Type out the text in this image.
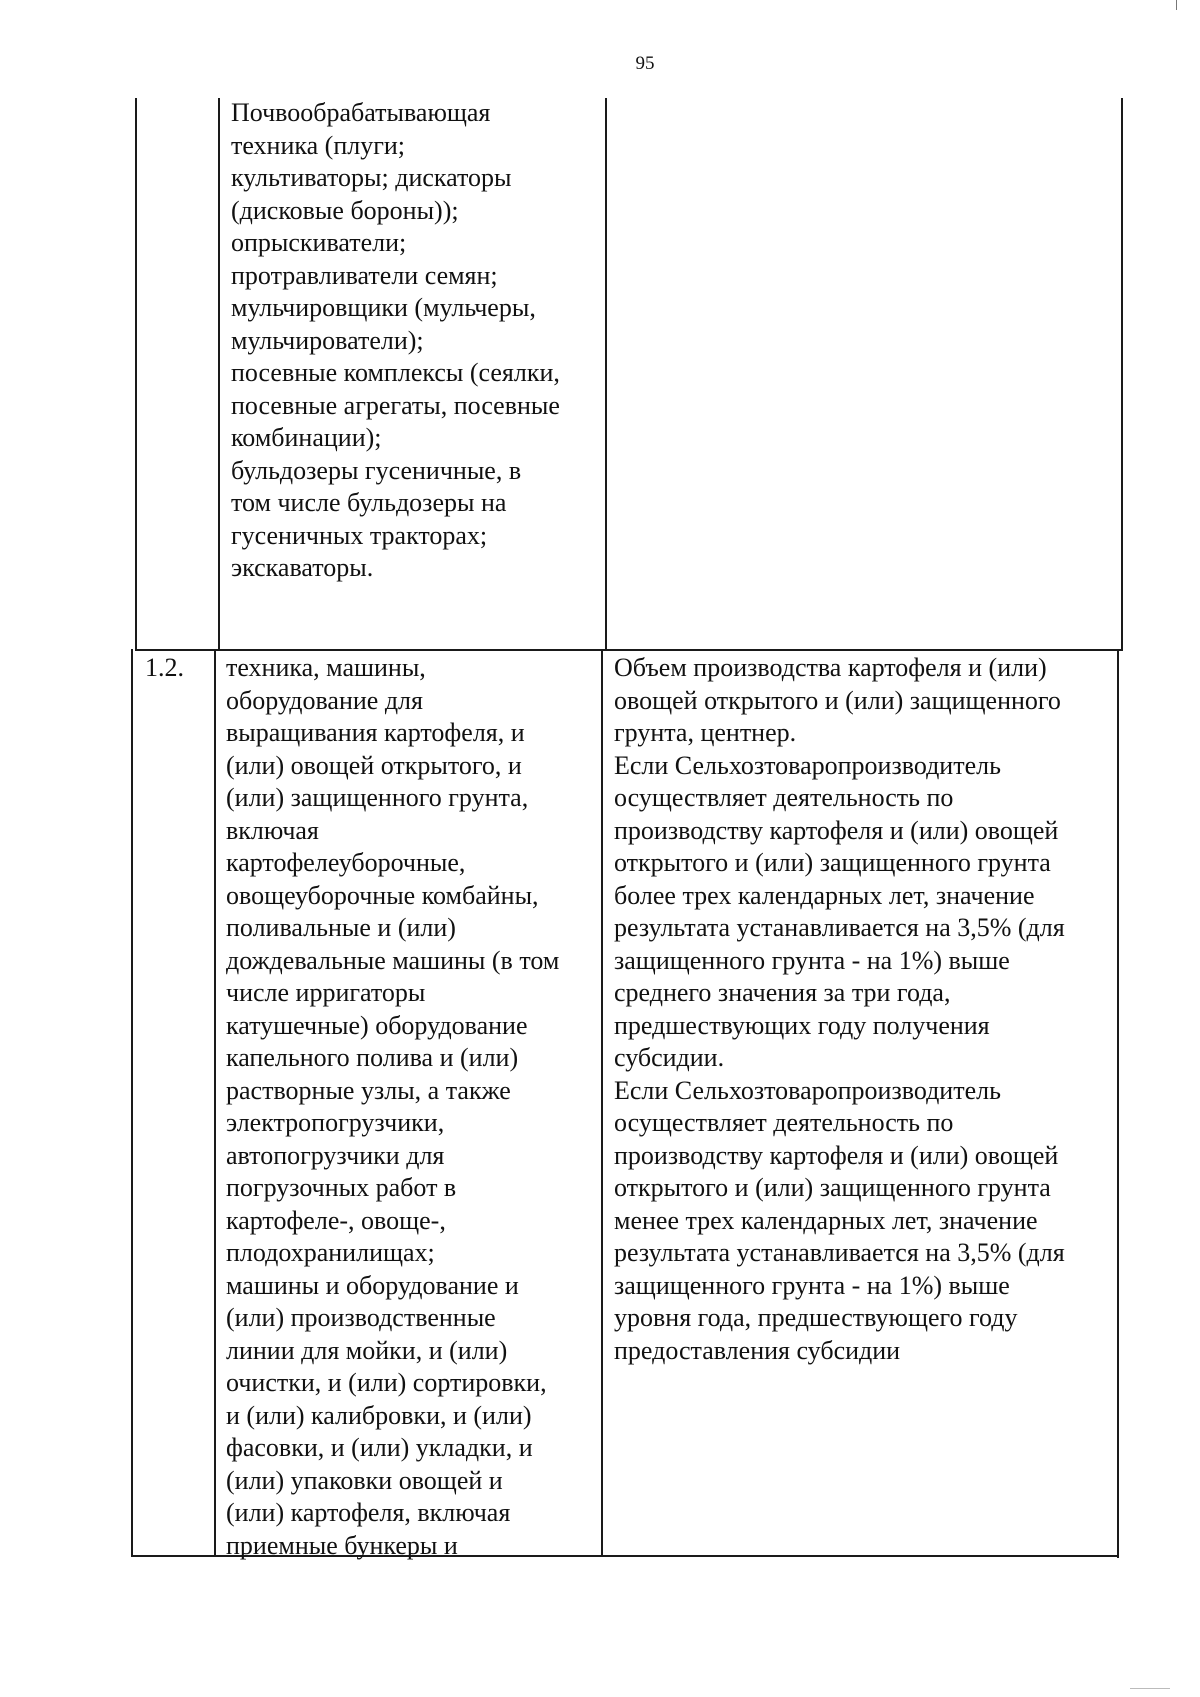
95
Почвообрабатывающая
техника (плуги;
культиваторы; дискаторы
(дисковые бороны));
опрыскиватели;
протравливатели семян;
мульчировщики (мульчеры,
мульчирователи);
посевные комплексы (сеялки,
посевные агрегаты, посевные
комбинации);
бульдозеры гусеничные, в
том числе бульдозеры на
гусеничных тракторах;
экскаваторы.
1.2.	техника, машины,
оборудование для
выращивания картофеля, и
(или) овощей открытого, и
(или) защищенного грунта,
включая
картофелеуборочные,
овощеуборочные комбайны,
поливальные и (или)
дождевальные машины (в том
числе ирригаторы
катушечные) оборудование
капельного полива и (или)
растворные узлы, а также
электропогрузчики,
автопогрузчики для
погрузочных работ в
картофеле-, овоще-,
плодохранилищах;
машины и оборудование и
(или) производственные
линии для мойки, и (или)
очистки, и (или) сортировки,
и (или) калибровки, и (или)
фасовки, и (или) укладки, и
(или) упаковки овощей и
(или) картофеля, включая
приемные бункеры и
Объем производства картофеля и (или)
овощей открытого и (или) защищенного
грунта, центнер.
Если Сельхозтоваропроизводитель
осуществляет деятельность по
производству картофеля и (или) овощей
открытого и (или) защищенного грунта
более трех календарных лет, значение
результата устанавливается на 3,5% (для
защищенного грунта - на 1%) выше
среднего значения за три года,
предшествующих году получения
субсидии.
Если Сельхозтоваропроизводитель
осуществляет деятельность по
производству картофеля и (или) овощей
открытого и (или) защищенного грунта
менее трех календарных лет, значение
результата устанавливается на 3,5% (для
защищенного грунта - на 1%) выше
уровня года, предшествующего году
предоставления субсидии
